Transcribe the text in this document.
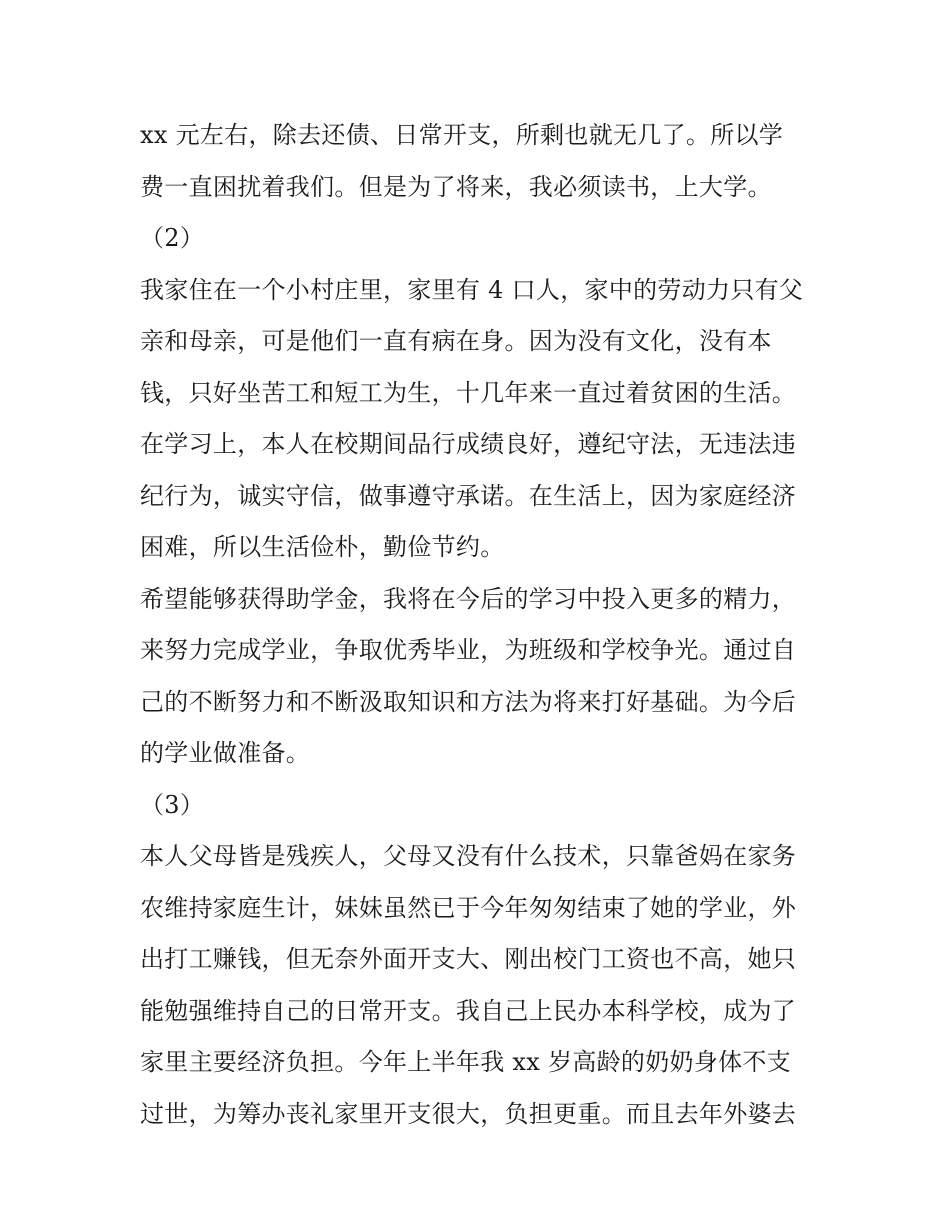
xx 元左右，除去还债、日常开支，所剩也就无几了。所以学
费一直困扰着我们。但是为了将来，我必须读书，上大学。
（2）
我家住在一个小村庄里，家里有 4 口人，家中的劳动力只有父
亲和母亲，可是他们一直有病在身。因为没有文化，没有本
钱，只好坐苦工和短工为生，十几年来一直过着贫困的生活。
在学习上，本人在校期间品行成绩良好，遵纪守法，无违法违
纪行为，诚实守信，做事遵守承诺。在生活上，因为家庭经济
困难，所以生活俭朴，勤俭节约。
希望能够获得助学金，我将在今后的学习中投入更多的精力，
来努力完成学业，争取优秀毕业，为班级和学校争光。通过自
己的不断努力和不断汲取知识和方法为将来打好基础。为今后
的学业做准备。
（3）
本人父母皆是残疾人，父母又没有什么技术，只靠爸妈在家务
农维持家庭生计，妹妹虽然已于今年匆匆结束了她的学业，外
出打工赚钱，但无奈外面开支大、刚出校门工资也不高，她只
能勉强维持自己的日常开支。我自己上民办本科学校，成为了
家里主要经济负担。今年上半年我 xx 岁高龄的奶奶身体不支
过世，为筹办丧礼家里开支很大，负担更重。而且去年外婆去
